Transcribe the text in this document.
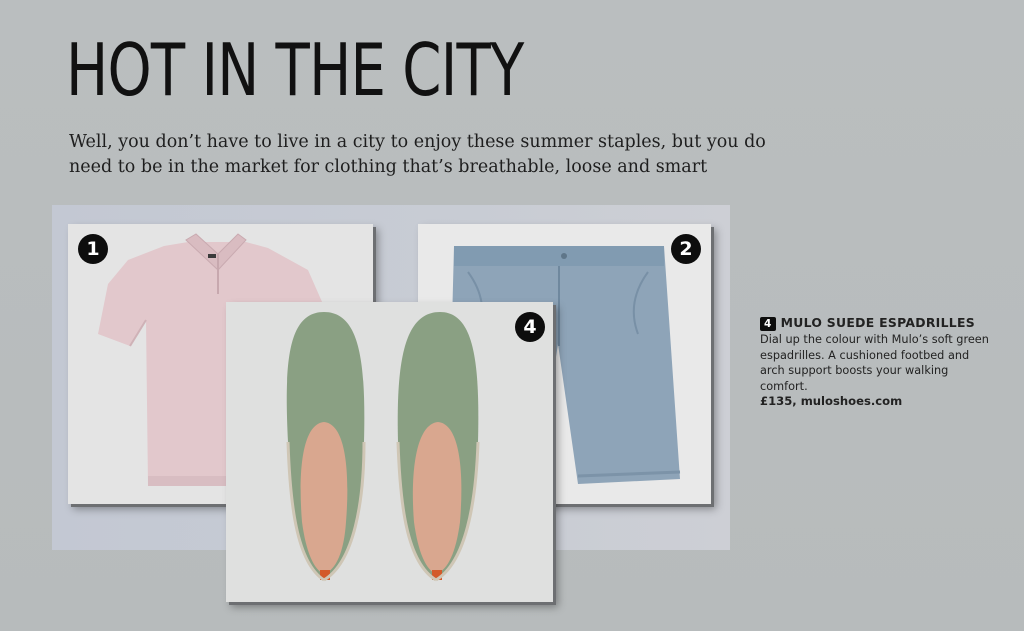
HOT IN THE CITY
Well, you don’t have to live in a city to enjoy these summer staples, but you do need to be in the market for clothing that’s breathable, loose and smart
1	2
4	4 MULO SUEDE ESPADRILLES
Dial up the colour with Mulo’s soft green espadrilles. A cushioned footbed and arch support boosts your walking comfort.
£135, muloshoes.com
